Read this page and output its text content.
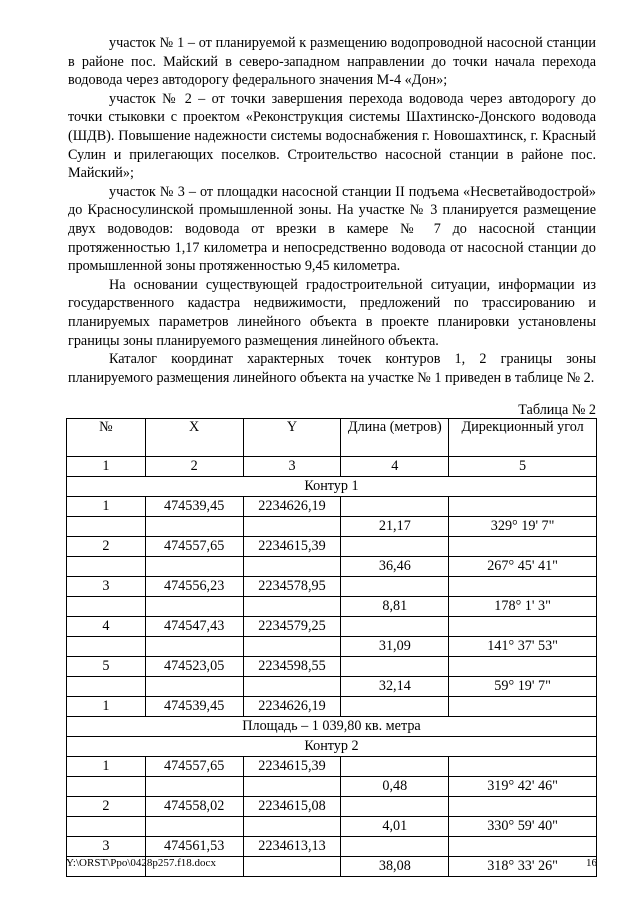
участок № 1 – от планируемой к размещению водопроводной насосной станции в районе пос. Майский в северо-западном направлении до точки начала перехода водовода через автодорогу федерального значения М-4 «Дон»;

участок № 2 – от точки завершения перехода водовода через автодорогу до точки стыковки с проектом «Реконструкция системы Шахтинско-Донского водовода (ШДВ). Повышение надежности системы водоснабжения г. Новошахтинск, г. Красный Сулин и прилегающих поселков. Строительство насосной станции в районе пос. Майский»;

участок № 3 – от площадки насосной станции II подъема «Несветайводострой» до Красносулинской промышленной зоны. На участке № 3 планируется размещение двух водоводов: водовода от врезки в камере № 7 до насосной станции протяженностью 1,17 километра и непосредственно водовода от насосной станции до промышленной зоны протяженностью 9,45 километра.

На основании существующей градостроительной ситуации, информации из государственного кадастра недвижимости, предложений по трассированию и планируемых параметров линейного объекта в проекте планировки установлены границы зоны планируемого размещения линейного объекта.

Каталог координат характерных точек контуров 1, 2 границы зоны планируемого размещения линейного объекта на участке № 1 приведен в таблице № 2.

Таблица № 2
№	X	Y	Длина (метров)	Дирекционный угол
1	2	3	4	5
Контур 1				
1	474539,45	2234626,19		
			21,17	329° 19' 7"
2	474557,65	2234615,39		
			36,46	267° 45' 41"
3	474556,23	2234578,95		
			8,81	178° 1' 3"
4	474547,43	2234579,25		
			31,09	141° 37' 53"
5	474523,05	2234598,55		
			32,14	59° 19' 7"
1	474539,45	2234626,19		
Площадь – 1 039,80 кв. метра				
Контур 2				
1	474557,65	2234615,39		
			0,48	319° 42' 46"
2	474558,02	2234615,08		
			4,01	330° 59' 40"
3	474561,53	2234613,13		
			38,08	318° 33' 26"
Y:\ORST\Ppo\0428p257.f18.docx	16
